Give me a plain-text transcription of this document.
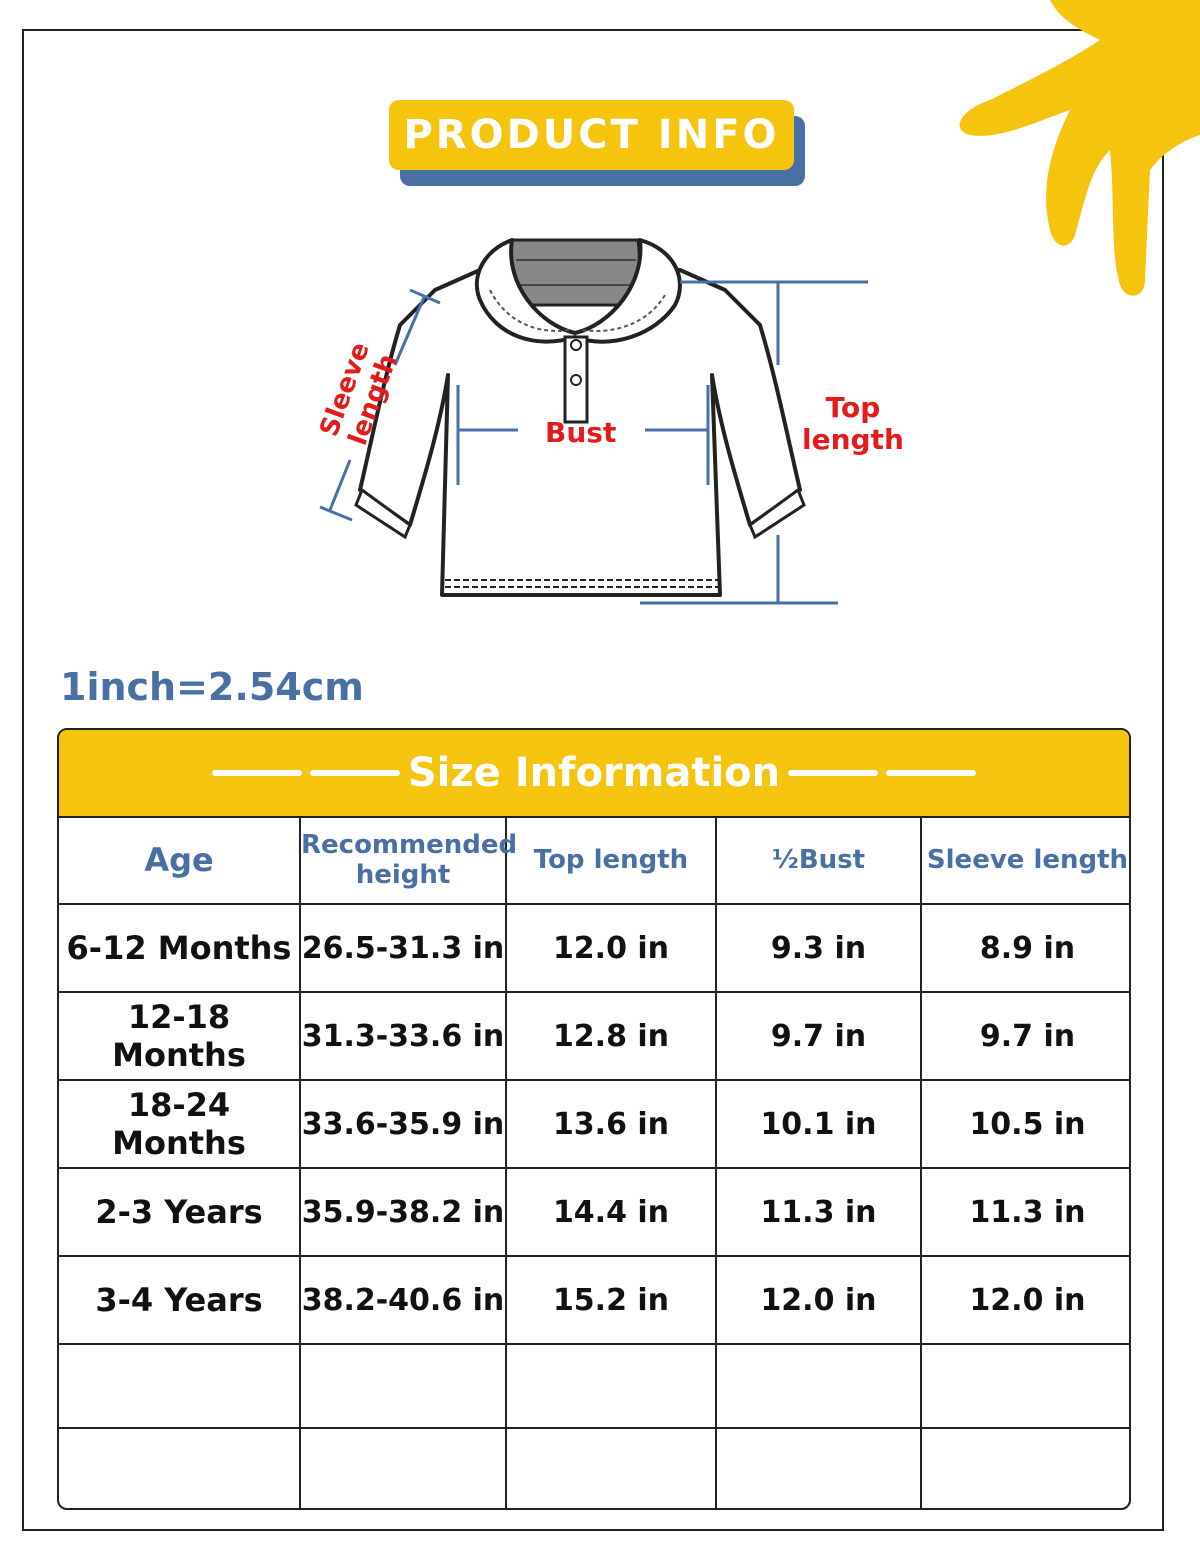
PRODUCT INFO
Sleeve length	Bust
Top
length
1inch=2.54cm
Size Information
Age	Recommended height	Top length	½Bust	Sleeve length
6-12 Months	26.5-31.3 in	12.0 in	9.3 in	8.9 in
12-18 Months	31.3-33.6 in	12.8 in	9.7 in	9.7 in
18-24 Months	33.6-35.9 in	13.6 in	10.1 in	10.5 in
2-3 Years	35.9-38.2 in	14.4 in	11.3 in	11.3 in
3-4 Years	38.2-40.6 in	15.2 in	12.0 in	12.0 in
